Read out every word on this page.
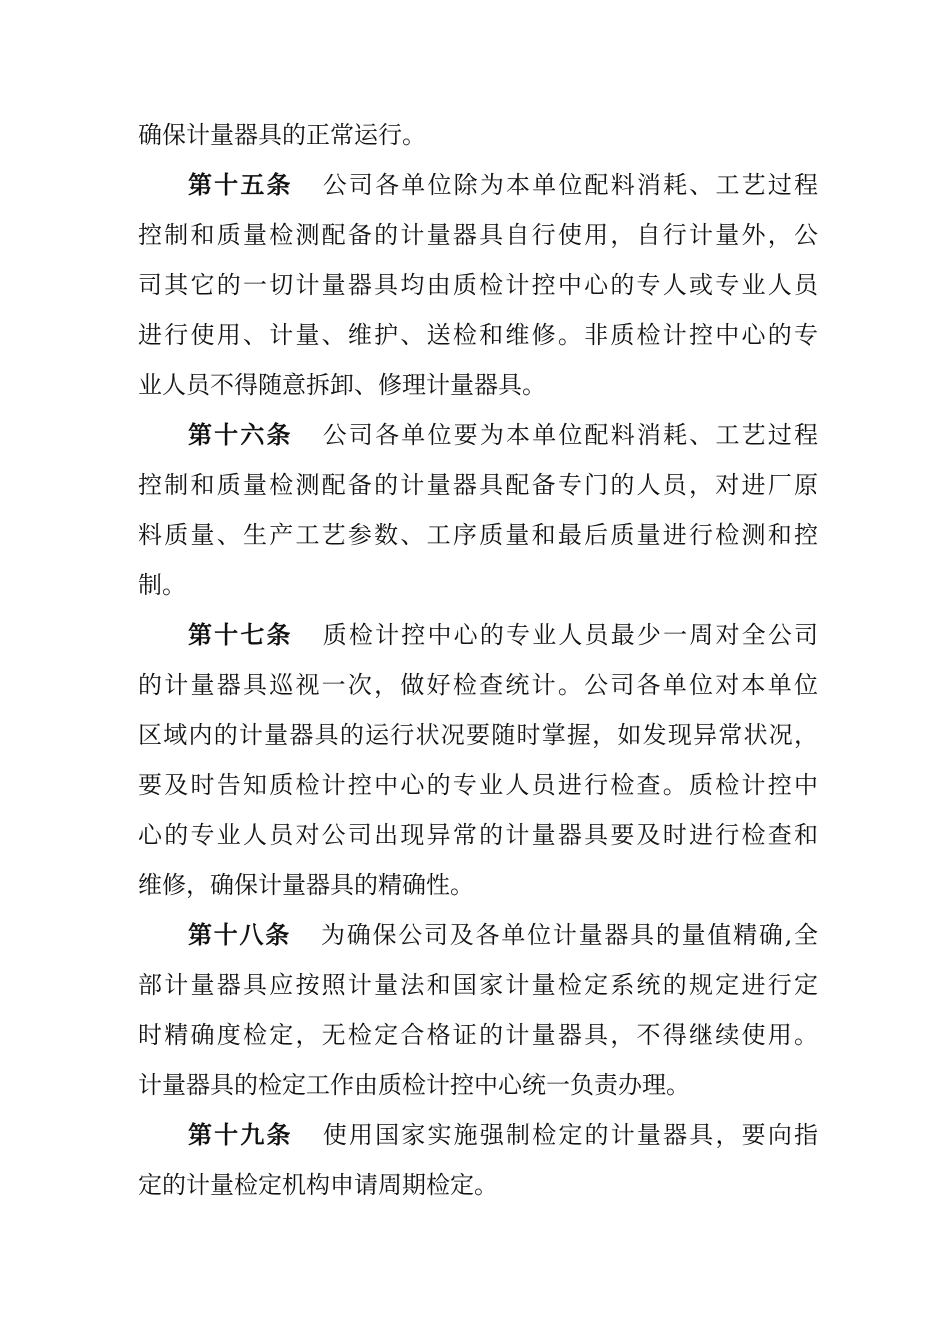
确保计量器具的正常运行。
第十五条 公司各单位除为本单位配料消耗、工艺过程
控制和质量检测配备的计量器具自行使用，自行计量外，公
司其它的一切计量器具均由质检计控中心的专人或专业人员
进行使用、计量、维护、送检和维修。非质检计控中心的专
业人员不得随意拆卸、修理计量器具。
第十六条 公司各单位要为本单位配料消耗、工艺过程
控制和质量检测配备的计量器具配备专门的人员，对进厂原
料质量、生产工艺参数、工序质量和最后质量进行检测和控
制。
第十七条 质检计控中心的专业人员最少一周对全公司
的计量器具巡视一次，做好检查统计。公司各单位对本单位
区域内的计量器具的运行状况要随时掌握，如发现异常状况，
要及时告知质检计控中心的专业人员进行检查。质检计控中
心的专业人员对公司出现异常的计量器具要及时进行检查和
维修，确保计量器具的精确性。
第十八条 为确保公司及各单位计量器具的量值精确,全
部计量器具应按照计量法和国家计量检定系统的规定进行定
时精确度检定，无检定合格证的计量器具，不得继续使用。
计量器具的检定工作由质检计控中心统一负责办理。
第十九条 使用国家实施强制检定的计量器具，要向指
定的计量检定机构申请周期检定。
